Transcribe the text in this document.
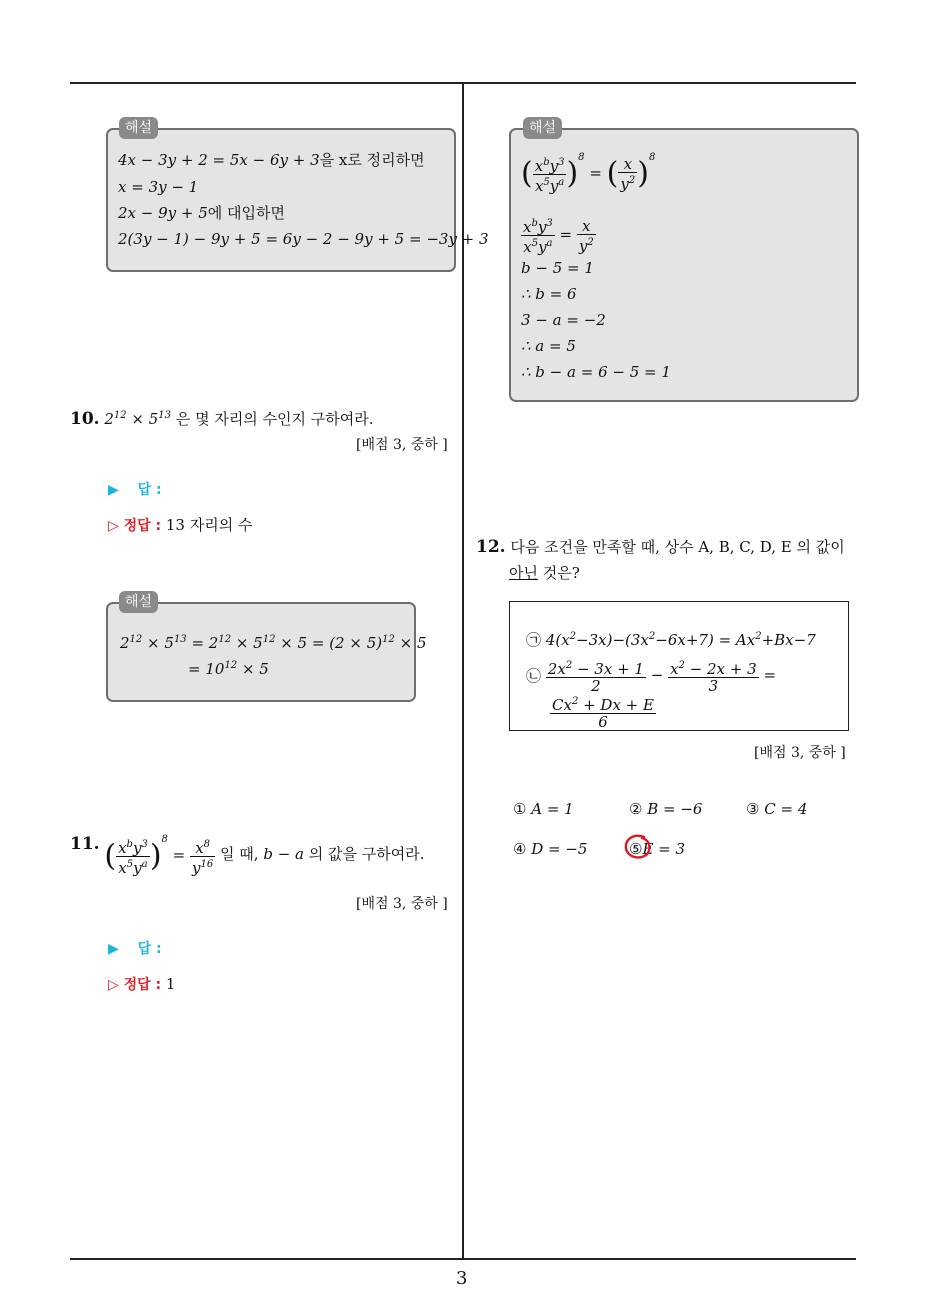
3
4x − 3y + 2 = 5x − 6y + 3을 x로 정리하면
x = 3y − 1
2x − 9y + 5에 대입하면
2(3y − 1) − 9y + 5 = 6y − 2 − 9y + 5 = −3y + 3
해설
10. $2^{12} \times 5^{13}$ 은 몇 자리의 수인지 구하여라.
[배점 3, 중하 ]
▶ 답 :
▷ 정답 : 13 자리의 수
$2^{12} \times 5^{13} = 2^{12} \times 5^{12} \times 5 = (2 \times 5)^{12} \times 5$
= $10^{12} \times 5$
해설
11. ( $\frac{x^by^3}{x^5y^a} )^8 = \frac{x^8}{y^{16}}$ 일 때, b − a 의 값을 구하여라.
[배점 3, 중하 ]
▶ 답 :
▷ 정답 : 1
( $\frac{x^by^3}{x^5y^a} )^8$ = ( $\frac{x}{y^2} )^8$
$\frac{x^by^3}{x^5y^a} = \frac{x}{y^2}$
b − 5 = 1
∴ b = 6
3 − a = −2
∴ a = 5
∴ b − a = 6 − 5 = 1
해설
12. 다음 조건을 만족할 때, 상수 A, B, C, D, E 의 값이
아닌 것은?
㉠ $4(x^2-3x)-(3x^2-6x+7) = Ax^2+Bx-7$
㉡ $\frac{2x^2 - 3x + 1}{2} - \frac{x^2 - 2x + 3}{3}$ =
$\frac{Cx^2 + Dx + E}{6}$
[배점 3, 중하 ]
① A = 1	② B = −6	③ C = 4
④ D = −5	⑤E = 3
